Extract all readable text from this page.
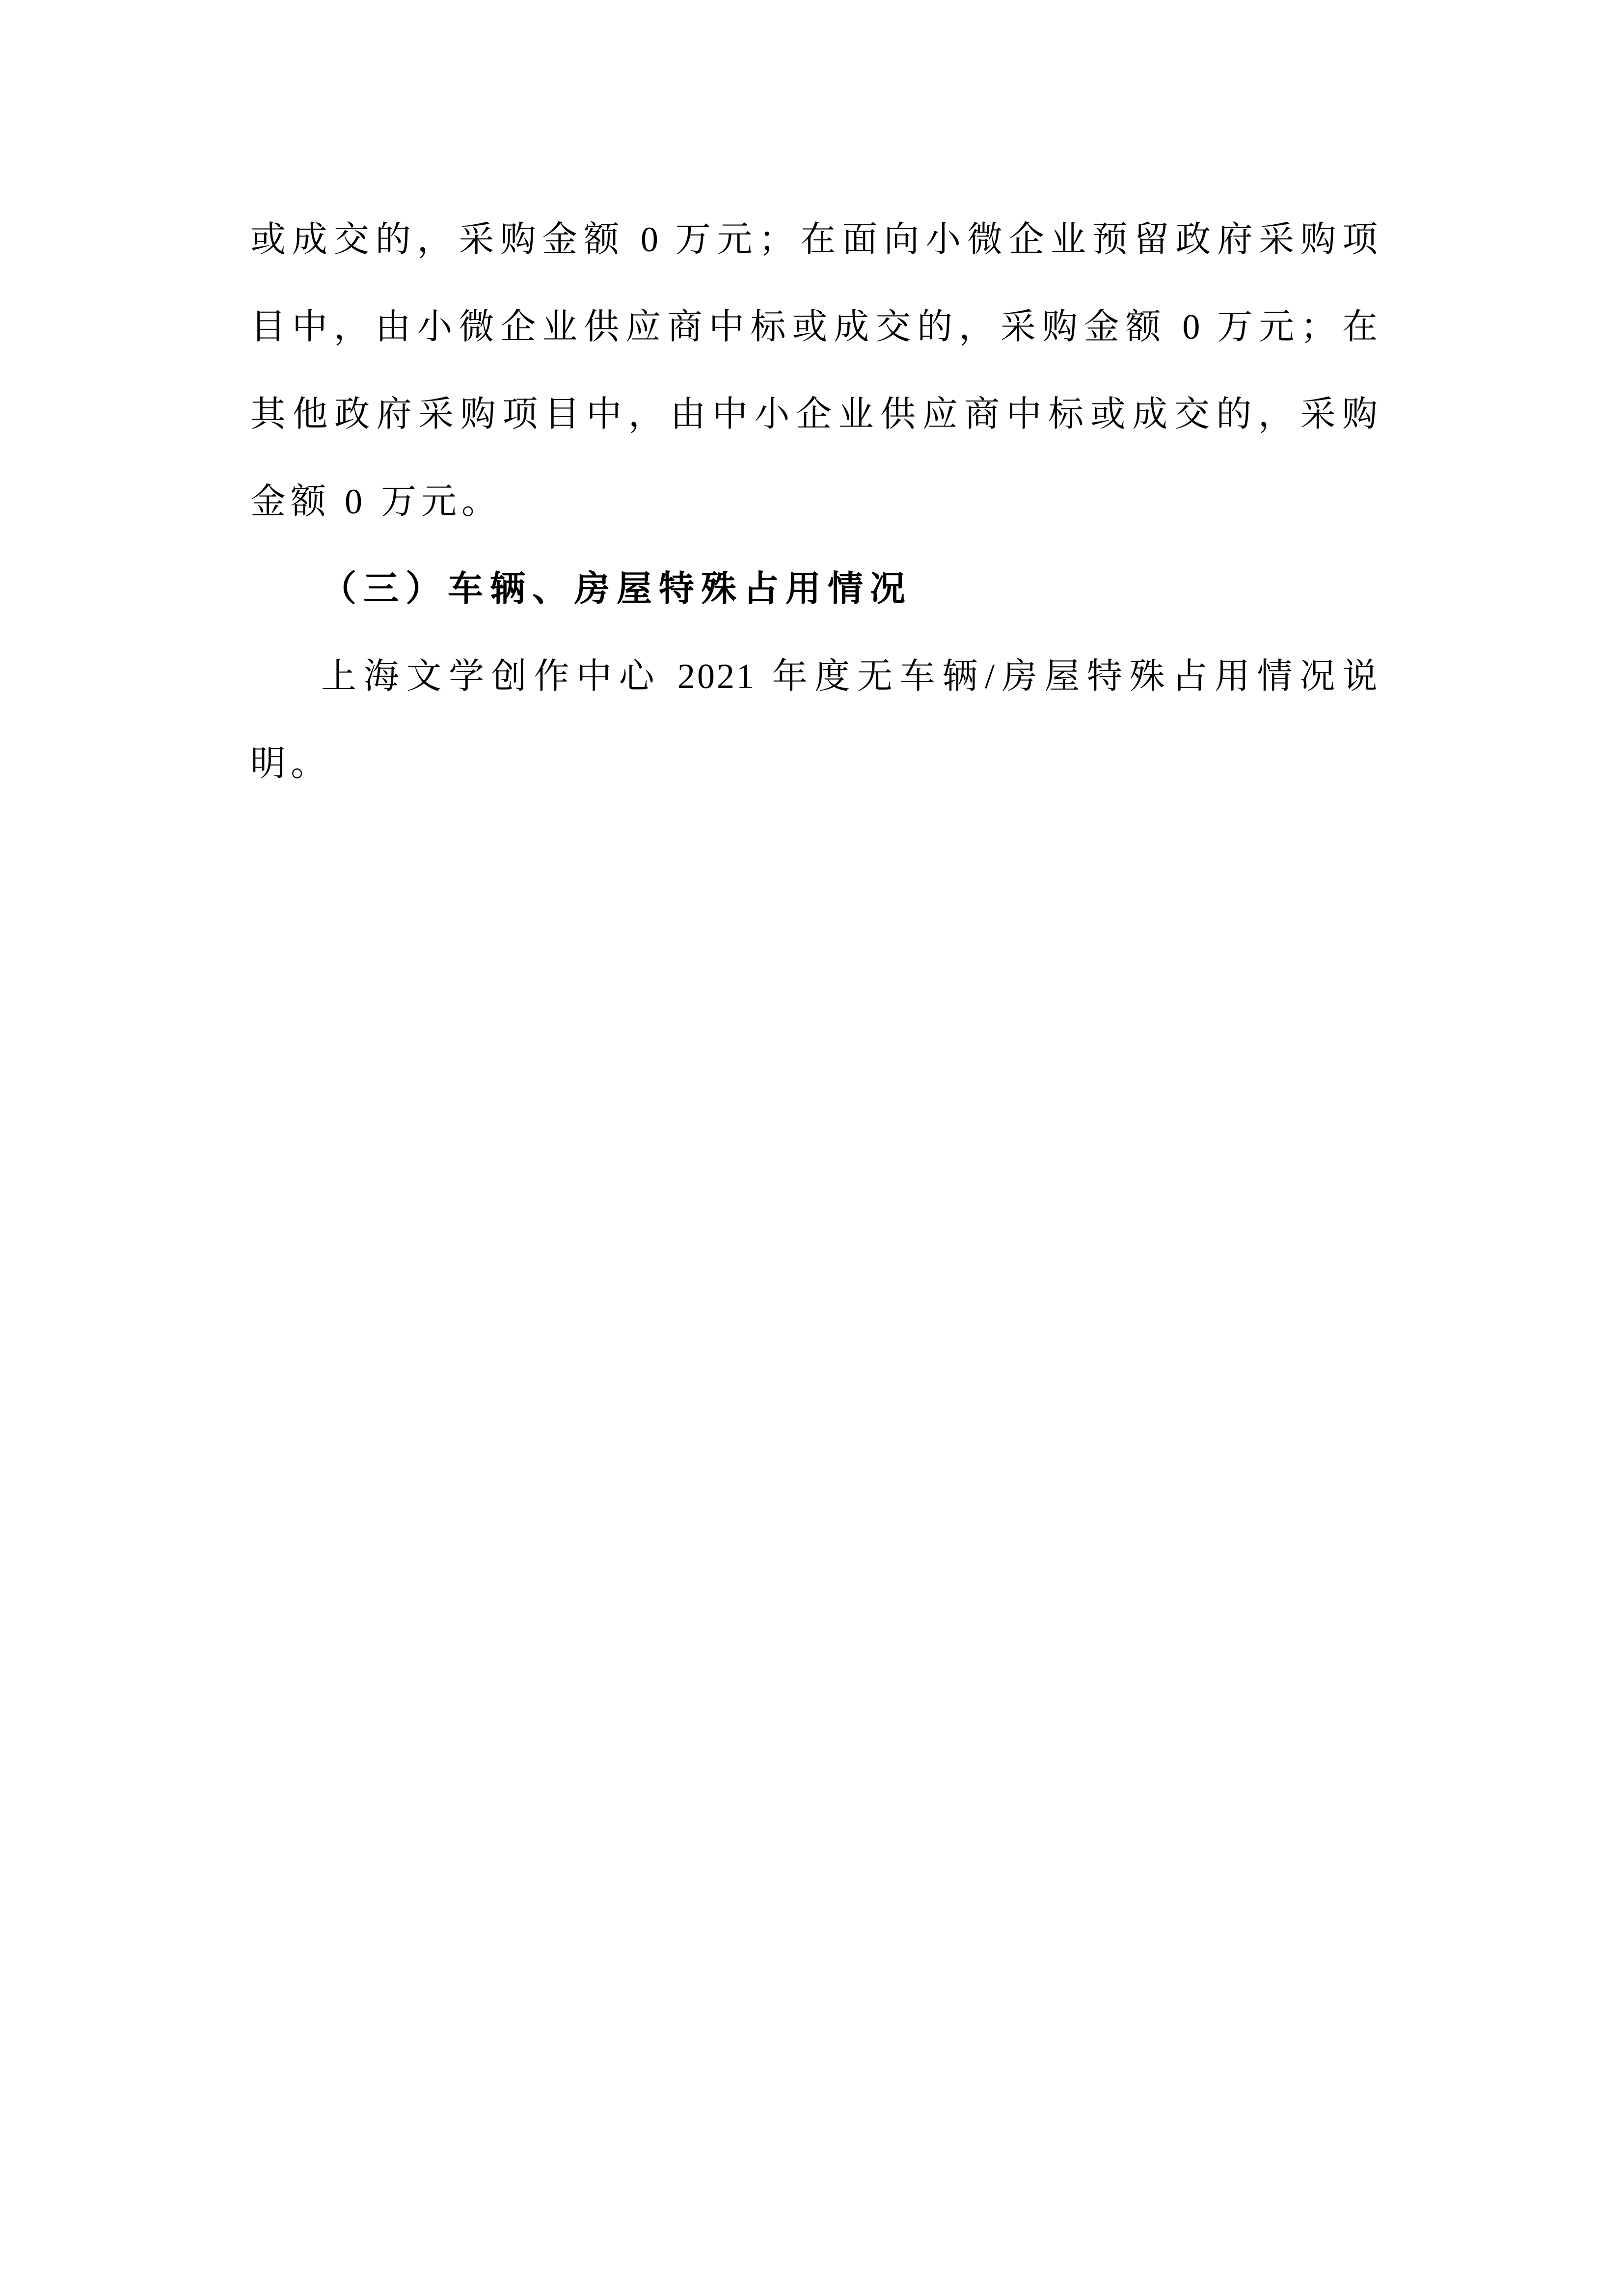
或成交的，采购金额 0 万元；在面向小微企业预留政府采购项

目中，由小微企业供应商中标或成交的，采购金额 0 万元；在

其他政府采购项目中，由中小企业供应商中标或成交的，采购

金额 0 万元。

（三）车辆、房屋特殊占用情况

上海文学创作中心 2021 年度无车辆/房屋特殊占用情况说

明。
